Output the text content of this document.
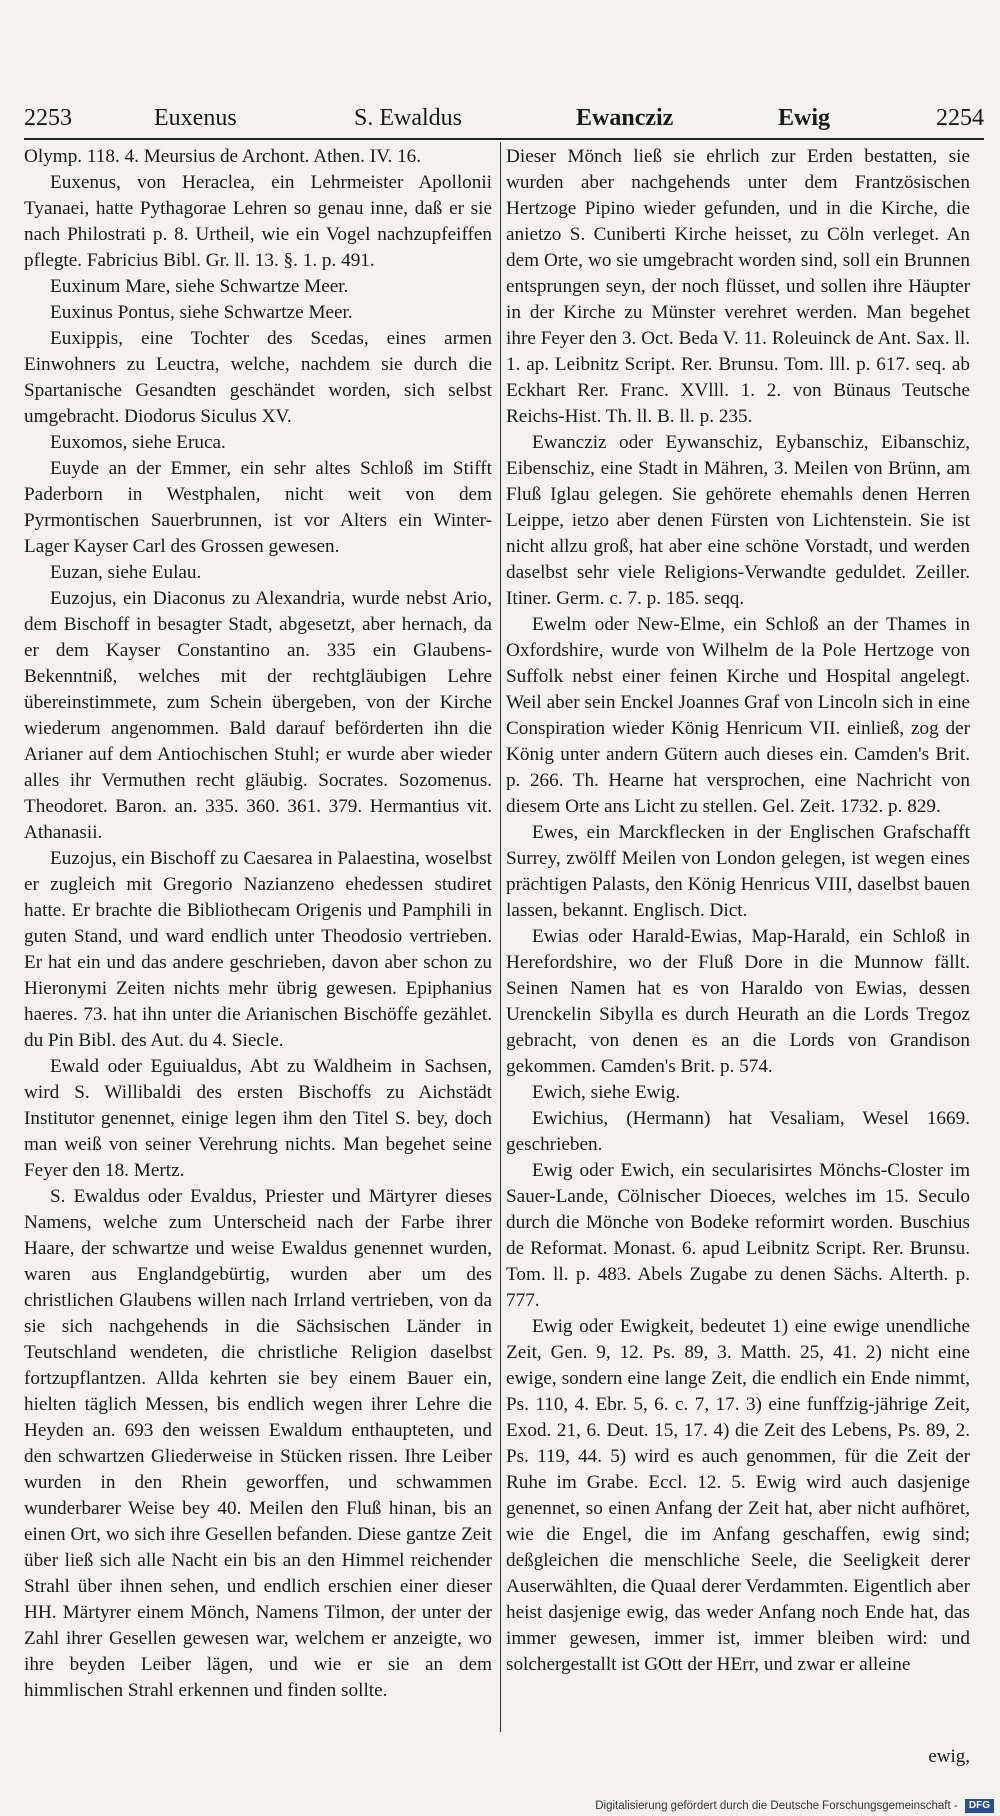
2253	Euxenus	S. Ewaldus	Ewancziz	Ewig	2254

Olymp. 118. 4. Meursius de Archont. Athen. IV. 16.

Euxenus, von Heraclea, ein Lehrmeister Apollonii Tyanaei, hatte Pythagorae Lehren so genau inne, daß er sie nach Philostrati p. 8. Urtheil, wie ein Vogel nachzupfeiffen pflegte. Fabricius Bibl. Gr. ll. 13. §. 1. p. 491.

Euxinum Mare, siehe Schwartze Meer.

Euxinus Pontus, siehe Schwartze Meer.

Euxippis, eine Tochter des Scedas, eines armen Einwohners zu Leuctra, welche, nachdem sie durch die Spartanische Gesandten geschändet worden, sich selbst umgebracht. Diodorus Siculus XV.

Euxomos, siehe Eruca.

Euyde an der Emmer, ein sehr altes Schloß im Stifft Paderborn in Westphalen, nicht weit von dem Pyrmontischen Sauerbrunnen, ist vor Alters ein Winter-Lager Kayser Carl des Grossen gewesen.

Euzan, siehe Eulau.

Euzojus, ein Diaconus zu Alexandria, wurde nebst Ario, dem Bischoff in besagter Stadt, abgesetzt, aber hernach, da er dem Kayser Constantino an. 335 ein Glaubens-Bekenntniß, welches mit der rechtgläubigen Lehre übereinstimmete, zum Schein übergeben, von der Kirche wiederum angenommen. Bald darauf beförderten ihn die Arianer auf dem Antiochischen Stuhl; er wurde aber wieder alles ihr Vermuthen recht gläubig. Socrates. Sozomenus. Theodoret. Baron. an. 335. 360. 361. 379. Hermantius vit. Athanasii.

Euzojus, ein Bischoff zu Caesarea in Palaestina, woselbst er zugleich mit Gregorio Nazianzeno ehedessen studiret hatte. Er brachte die Bibliothecam Origenis und Pamphili in guten Stand, und ward endlich unter Theodosio vertrieben. Er hat ein und das andere geschrieben, davon aber schon zu Hieronymi Zeiten nichts mehr übrig gewesen. Epiphanius haeres. 73. hat ihn unter die Arianischen Bischöffe gezählet. du Pin Bibl. des Aut. du 4. Siecle.

Ewald oder Eguiualdus, Abt zu Waldheim in Sachsen, wird S. Willibaldi des ersten Bischoffs zu Aichstädt Institutor genennet, einige legen ihm den Titel S. bey, doch man weiß von seiner Verehrung nichts. Man begehet seine Feyer den 18. Mertz.

S. Ewaldus oder Evaldus, Priester und Märtyrer dieses Namens, welche zum Unterscheid nach der Farbe ihrer Haare, der schwartze und weise Ewaldus genennet wurden, waren aus Englandgebürtig, wurden aber um des christlichen Glaubens willen nach Irrland vertrieben, von da sie sich nachgehends in die Sächsischen Länder in Teutschland wendeten, die christliche Religion daselbst fortzupflantzen. Allda kehrten sie bey einem Bauer ein, hielten täglich Messen, bis endlich wegen ihrer Lehre die Heyden an. 693 den weissen Ewaldum enthaupteten, und den schwartzen Gliederweise in Stücken rissen. Ihre Leiber wurden in den Rhein geworffen, und schwammen wunderbarer Weise bey 40. Meilen den Fluß hinan, bis an einen Ort, wo sich ihre Gesellen befanden. Diese gantze Zeit über ließ sich alle Nacht ein bis an den Himmel reichender Strahl über ihnen sehen, und endlich erschien einer dieser HH. Märtyrer einem Mönch, Namens Tilmon, der unter der Zahl ihrer Gesellen gewesen war, welchem er anzeigte, wo ihre beyden Leiber lägen, und wie er sie an dem himmlischen Strahl erkennen und finden sollte.

Dieser Mönch ließ sie ehrlich zur Erden bestatten, sie wurden aber nachgehends unter dem Frantzösischen Hertzoge Pipino wieder gefunden, und in die Kirche, die anietzo S. Cuniberti Kirche heisset, zu Cöln verleget. An dem Orte, wo sie umgebracht worden sind, soll ein Brunnen entsprungen seyn, der noch flüsset, und sollen ihre Häupter in der Kirche zu Münster verehret werden. Man begehet ihre Feyer den 3. Oct. Beda V. 11. Roleuinck de Ant. Sax. ll. 1. ap. Leibnitz Script. Rer. Brunsu. Tom. lll. p. 617. seq. ab Eckhart Rer. Franc. XVlll. 1. 2. von Bünaus Teutsche Reichs-Hist. Th. ll. B. ll. p. 235.

Ewancziz oder Eywanschiz, Eybanschiz, Eibanschiz, Eibenschiz, eine Stadt in Mähren, 3. Meilen von Brünn, am Fluß Iglau gelegen. Sie gehörete ehemahls denen Herren Leippe, ietzo aber denen Fürsten von Lichtenstein. Sie ist nicht allzu groß, hat aber eine schöne Vorstadt, und werden daselbst sehr viele Religions-Verwandte geduldet. Zeiller. Itiner. Germ. c. 7. p. 185. seqq.

Ewelm oder New-Elme, ein Schloß an der Thames in Oxfordshire, wurde von Wilhelm de la Pole Hertzoge von Suffolk nebst einer feinen Kirche und Hospital angelegt. Weil aber sein Enckel Joannes Graf von Lincoln sich in eine Conspiration wieder König Henricum VII. einließ, zog der König unter andern Gütern auch dieses ein. Camden's Brit. p. 266. Th. Hearne hat versprochen, eine Nachricht von diesem Orte ans Licht zu stellen. Gel. Zeit. 1732. p. 829.

Ewes, ein Marckflecken in der Englischen Grafschafft Surrey, zwölff Meilen von London gelegen, ist wegen eines prächtigen Palasts, den König Henricus VIII, daselbst bauen lassen, bekannt. Englisch. Dict.

Ewias oder Harald-Ewias, Map-Harald, ein Schloß in Herefordshire, wo der Fluß Dore in die Munnow fällt. Seinen Namen hat es von Haraldo von Ewias, dessen Urenckelin Sibylla es durch Heurath an die Lords Tregoz gebracht, von denen es an die Lords von Grandison gekommen. Camden's Brit. p. 574.

Ewich, siehe Ewig.

Ewichius, (Hermann) hat Vesaliam, Wesel 1669. geschrieben.

Ewig oder Ewich, ein secularisirtes Mönchs-Closter im Sauer-Lande, Cölnischer Dioeces, welches im 15. Seculo durch die Mönche von Bodeke reformirt worden. Buschius de Reformat. Monast. 6. apud Leibnitz Script. Rer. Brunsu. Tom. ll. p. 483. Abels Zugabe zu denen Sächs. Alterth. p. 777.

Ewig oder Ewigkeit, bedeutet 1) eine ewige unendliche Zeit, Gen. 9, 12. Ps. 89, 3. Matth. 25, 41. 2) nicht eine ewige, sondern eine lange Zeit, die endlich ein Ende nimmt, Ps. 110, 4. Ebr. 5, 6. c. 7, 17. 3) eine funffzig-jährige Zeit, Exod. 21, 6. Deut. 15, 17. 4) die Zeit des Lebens, Ps. 89, 2. Ps. 119, 44. 5) wird es auch genommen, für die Zeit der Ruhe im Grabe. Eccl. 12. 5. Ewig wird auch dasjenige genennet, so einen Anfang der Zeit hat, aber nicht aufhöret, wie die Engel, die im Anfang geschaffen, ewig sind; deßgleichen die menschliche Seele, die Seeligkeit derer Auserwählten, die Quaal derer Verdammten. Eigentlich aber heist dasjenige ewig, das weder Anfang noch Ende hat, das immer gewesen, immer ist, immer bleiben wird: und solchergestallt ist GOtt der HErr, und zwar er alleine

ewig,
Digitalisierung gefördert durch die Deutsche Forschungsgemeinschaft - DFG
